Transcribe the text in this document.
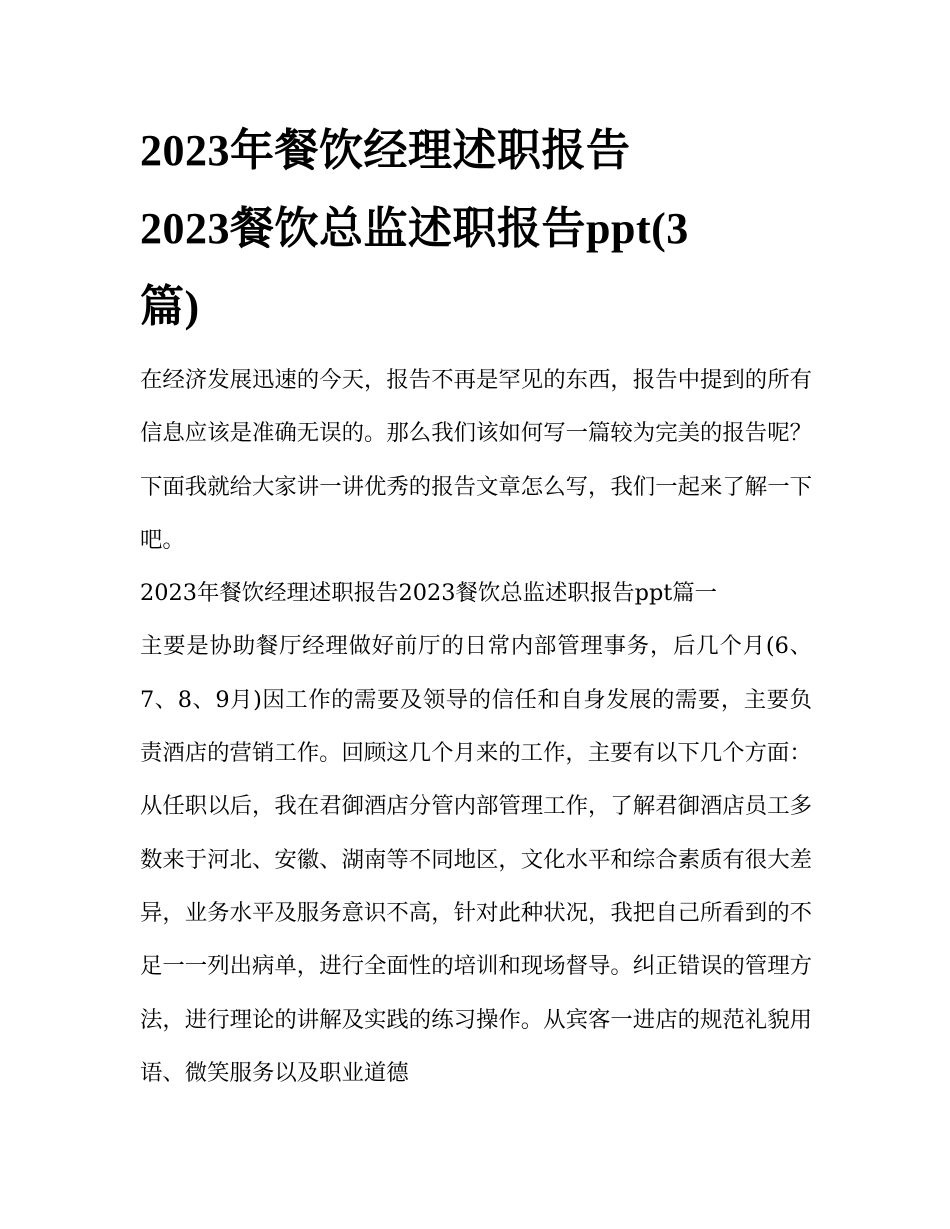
2023年餐饮经理述职报告
2023餐饮总监述职报告ppt(3
篇)

在经济发展迅速的今天，报告不再是罕见的东西，报告中提到的所有信息应该是准确无误的。那么我们该如何写一篇较为完美的报告呢？下面我就给大家讲一讲优秀的报告文章怎么写，我们一起来了解一下吧。

2023年餐饮经理述职报告2023餐饮总监述职报告ppt篇一

主要是协助餐厅经理做好前厅的日常内部管理事务，后几个月(6、7、8、9月)因工作的需要及领导的信任和自身发展的需要，主要负责酒店的营销工作。回顾这几个月来的工作，主要有以下几个方面：

从任职以后，我在君御酒店分管内部管理工作，了解君御酒店员工多数来于河北、安徽、湖南等不同地区，文化水平和综合素质有很大差异，业务水平及服务意识不高，针对此种状况，我把自己所看到的不足一一列出病单，进行全面性的培训和现场督导。纠正错误的管理方法，进行理论的讲解及实践的练习操作。从宾客一进店的规范礼貌用语、微笑服务以及职业道德
